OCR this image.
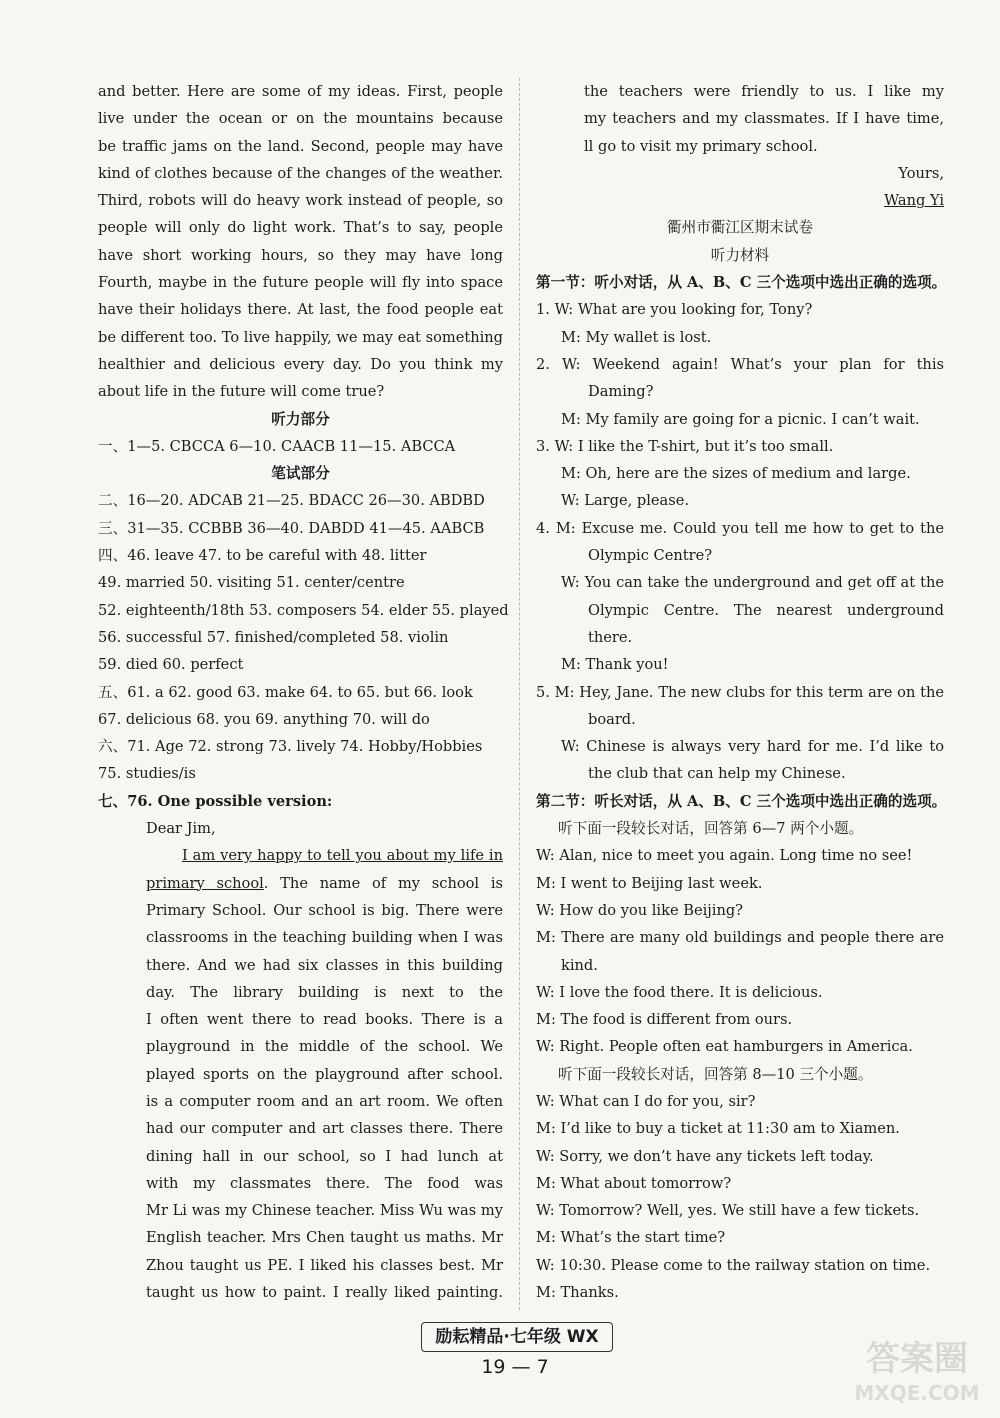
and better. Here are some of my ideas. First, people
live under the ocean or on the mountains because
be traffic jams on the land. Second, people may have
kind of clothes because of the changes of the weather.
Third, robots will do heavy work instead of people, so
people will only do light work. That’s to say, people
have short working hours, so they may have long
Fourth, maybe in the future people will fly into space
have their holidays there. At last, the food people eat
be different too. To live happily, we may eat something
healthier and delicious every day. Do you think my
about life in the future will come true?
听力部分
一、1—5. CBCCA 6—10. CAACB 11—15. ABCCA
笔试部分
二、16—20. ADCAB 21—25. BDACC 26—30. ABDBD
三、31—35. CCBBB 36—40. DABDD 41—45. AABCB
四、46. leave 47. to be careful with 48. litter
49. married 50. visiting 51. center/centre
52. eighteenth/18th 53. composers 54. elder 55. played
56. successful 57. finished/completed 58. violin
59. died 60. perfect
五、61. a 62. good 63. make 64. to 65. but 66. look
67. delicious 68. you 69. anything 70. will do
六、71. Age 72. strong 73. lively 74. Hobby/Hobbies
75. studies/is
七、76. One possible version:
Dear Jim,
I am very happy to tell you about my life in
primary school. The name of my school is
Primary School. Our school is big. There were
classrooms in the teaching building when I was
there. And we had six classes in this building
day. The library building is next to the
I often went there to read books. There is a
playground in the middle of the school. We
played sports on the playground after school.
is a computer room and an art room. We often
had our computer and art classes there. There
dining hall in our school, so I had lunch at
with my classmates there. The food was
Mr Li was my Chinese teacher. Miss Wu was my
English teacher. Mrs Chen taught us maths. Mr
Zhou taught us PE. I liked his classes best. Mr
taught us how to paint. I really liked painting.
the teachers were friendly to us. I like my
my teachers and my classmates. If I have time,
ll go to visit my primary school.
Yours,
Wang Yi
衢州市衢江区期末试卷
听力材料
第一节：听小对话，从 A、B、C 三个选项中选出正确的选项。
1. W: What are you looking for, Tony?
M: My wallet is lost.
2. W: Weekend again! What’s your plan for this
Daming?
M: My family are going for a picnic. I can’t wait.
3. W: I like the T-shirt, but it’s too small.
M: Oh, here are the sizes of medium and large.
W: Large, please.
4. M: Excuse me. Could you tell me how to get to the
Olympic Centre?
W: You can take the underground and get off at the
Olympic Centre. The nearest underground
there.
M: Thank you!
5. M: Hey, Jane. The new clubs for this term are on the
board.
W: Chinese is always very hard for me. I’d like to
the club that can help my Chinese.
第二节：听长对话，从 A、B、C 三个选项中选出正确的选项。
听下面一段较长对话，回答第 6—7 两个小题。
W: Alan, nice to meet you again. Long time no see!
M: I went to Beijing last week.
W: How do you like Beijing?
M: There are many old buildings and people there are
kind.
W: I love the food there. It is delicious.
M: The food is different from ours.
W: Right. People often eat hamburgers in America.
听下面一段较长对话，回答第 8—10 三个小题。
W: What can I do for you, sir?
M: I’d like to buy a ticket at 11:30 am to Xiamen.
W: Sorry, we don’t have any tickets left today.
M: What about tomorrow?
W: Tomorrow? Well, yes. We still have a few tickets.
M: What’s the start time?
W: 10:30. Please come to the railway station on time.
M: Thanks.
励耘精品·七年级 WX
19 — 7	答案圈
MXQE.COM
